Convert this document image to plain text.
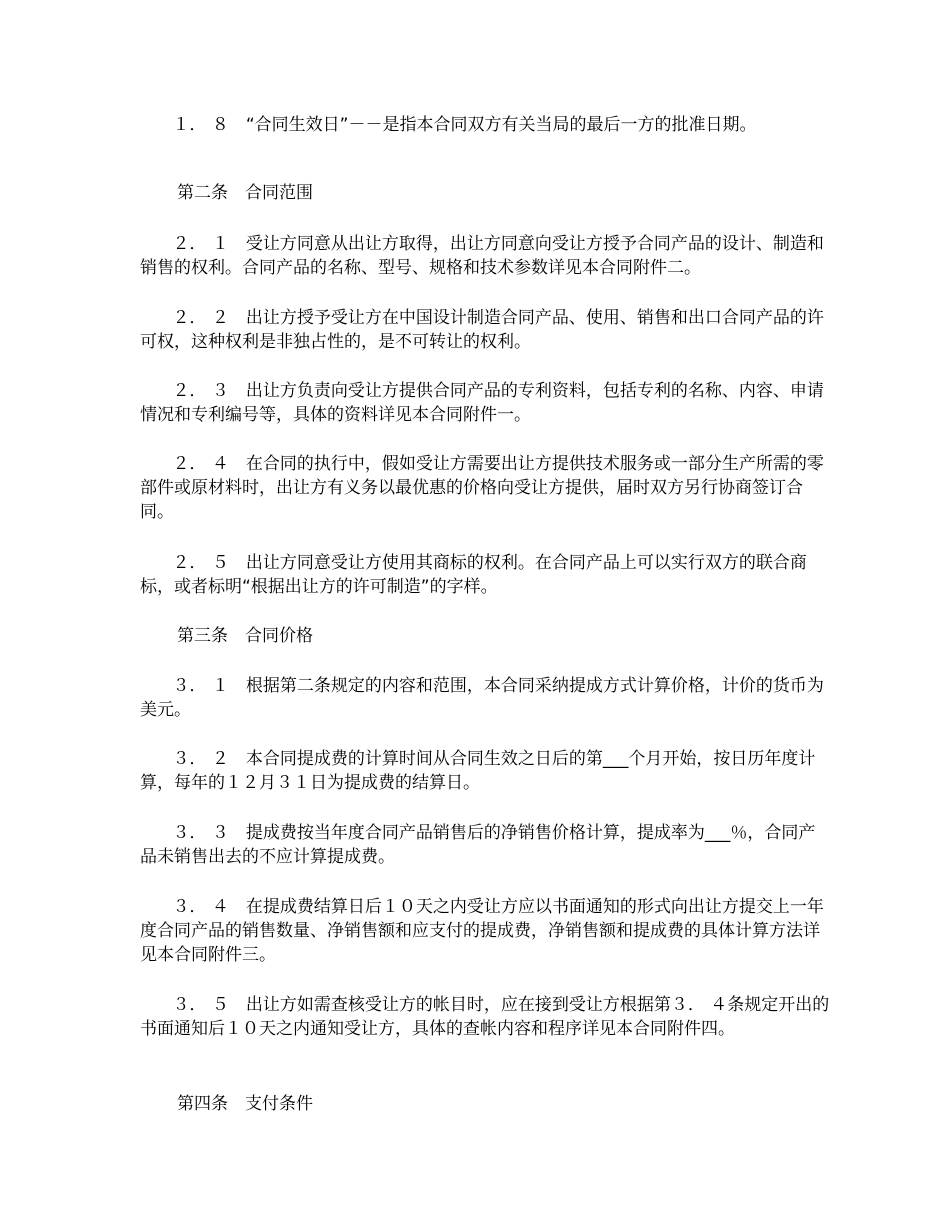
１． ８　“合同生效日”－－是指本合同双方有关当局的最后一方的批准日期。

第二条　合同范围

２． １　受让方同意从出让方取得，出让方同意向受让方授予合同产品的设计、制造和销售的权利。合同产品的名称、型号、规格和技术参数详见本合同附件二。

２． ２　出让方授予受让方在中国设计制造合同产品、使用、销售和出口合同产品的许可权，这种权利是非独占性的，是不可转让的权利。

２． ３　出让方负责向受让方提供合同产品的专利资料，包括专利的名称、内容、申请情况和专利编号等，具体的资料详见本合同附件一。

２． ４　在合同的执行中，假如受让方需要出让方提供技术服务或一部分生产所需的零部件或原材料时，出让方有义务以最优惠的价格向受让方提供，届时双方另行协商签订合同。

２． ５　出让方同意受让方使用其商标的权利。在合同产品上可以实行双方的联合商标，或者标明“根据出让方的许可制造”的字样。

第三条　合同价格

３． １　根据第二条规定的内容和范围，本合同采纳提成方式计算价格，计价的货币为美元。

３． ２　本合同提成费的计算时间从合同生效之日后的第___个月开始，按日历年度计算，每年的１２月３１日为提成费的结算日。

３． ３　提成费按当年度合同产品销售后的净销售价格计算，提成率为___％，合同产品未销售出去的不应计算提成费。

３． ４　在提成费结算日后１０天之内受让方应以书面通知的形式向出让方提交上一年度合同产品的销售数量、净销售额和应支付的提成费，净销售额和提成费的具体计算方法详见本合同附件三。

３． ５　出让方如需查核受让方的帐目时，应在接到受让方根据第３． ４条规定开出的书面通知后１０天之内通知受让方，具体的查帐内容和程序详见本合同附件四。

第四条　支付条件
